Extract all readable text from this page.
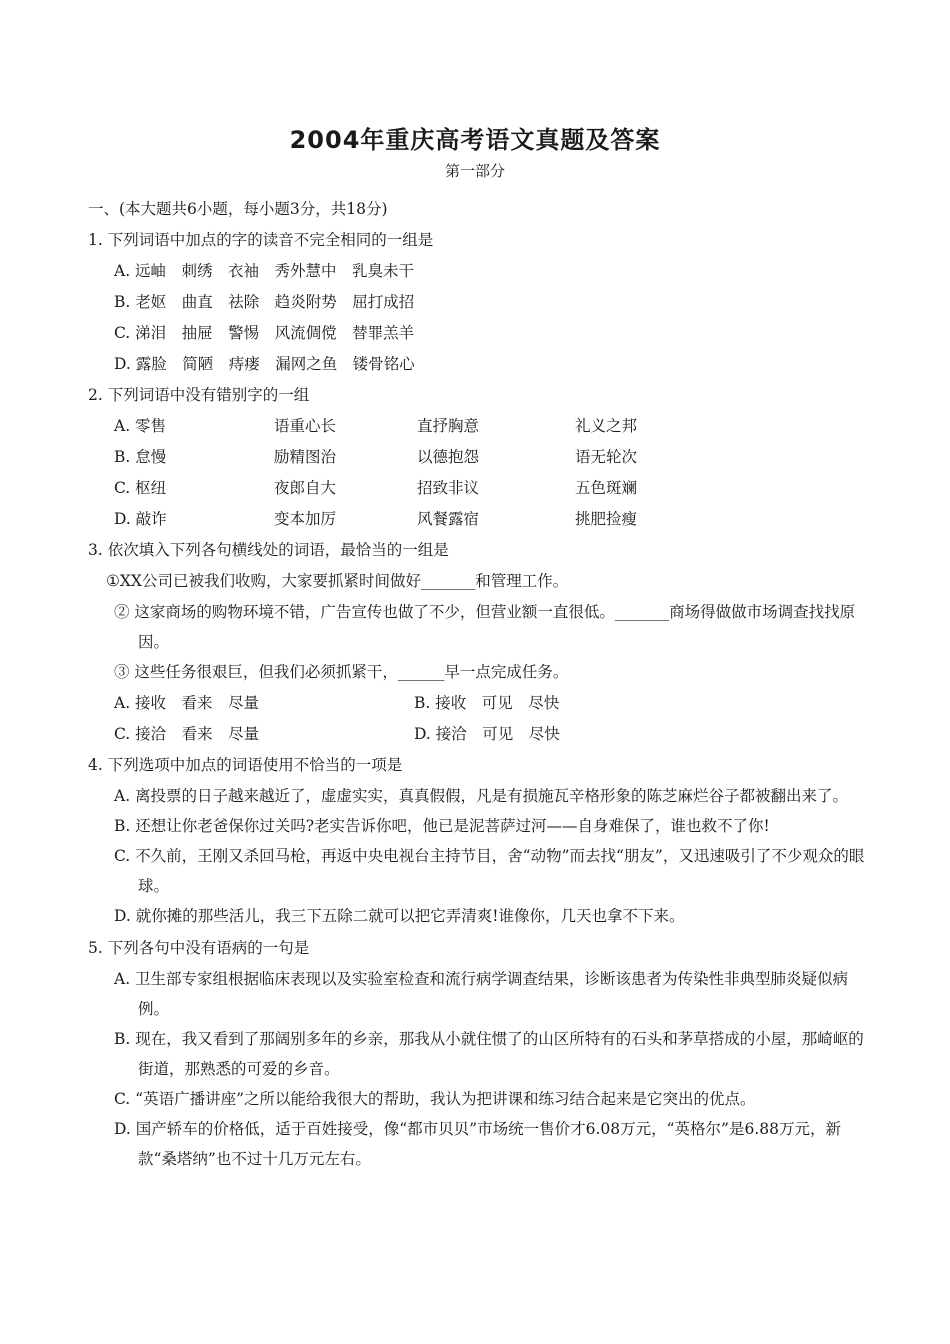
2004年重庆高考语文真题及答案
第一部分
一、(本大题共6小题，每小题3分，共18分)
1. 下列词语中加点的字的读音不完全相同的一组是
A. 远岫　刺绣　衣袖　秀外慧中　乳臭未干
B. 老妪　曲直　祛除　趋炎附势　屈打成招
C. 涕泪　抽屉　警惕　风流倜傥　替罪羔羊
D. 露脸　简陋　痔瘘　漏网之鱼　镂骨铭心
2. 下列词语中没有错别字的一组
A. 零售	语重心长	直抒胸意	礼义之邦
B. 怠慢	励精图治	以德抱怨	语无轮次
C. 枢纽	夜郎自大	招致非议	五色斑斓
D. 敲诈	变本加厉	风餐露宿	挑肥捡瘦
3. 依次填入下列各句横线处的词语，最恰当的一组是
①XX公司已被我们收购，大家要抓紧时间做好_______和管理工作。
② 这家商场的购物环境不错，广告宣传也做了不少，但营业额一直很低。_______商场得做做市场调查找找原因。
③ 这些任务很艰巨，但我们必须抓紧干，______早一点完成任务。
A. 接收　看来　尽量	B. 接收　可见　尽快
C. 接洽　看来　尽量	D. 接洽　可见　尽快
4. 下列选项中加点的词语使用不恰当的一项是
A. 离投票的日子越来越近了，虚虚实实，真真假假，凡是有损施瓦辛格形象的陈芝麻烂谷子都被翻出来了。
B. 还想让你老爸保你过关吗?老实告诉你吧，他已是泥菩萨过河——自身难保了，谁也救不了你!
C. 不久前，王刚又杀回马枪，再返中央电视台主持节目，舍“动物”而去找“朋友”，又迅速吸引了不少观众的眼球。
D. 就你摊的那些活儿，我三下五除二就可以把它弄清爽!谁像你，几天也拿不下来。
5. 下列各句中没有语病的一句是
A. 卫生部专家组根据临床表现以及实验室检查和流行病学调查结果，诊断该患者为传染性非典型肺炎疑似病例。
B. 现在，我又看到了那阔别多年的乡亲，那我从小就住惯了的山区所特有的石头和茅草搭成的小屋，那崎岖的街道，那熟悉的可爱的乡音。
C. “英语广播讲座”之所以能给我很大的帮助，我认为把讲课和练习结合起来是它突出的优点。
D. 国产轿车的价格低，适于百姓接受，像“都市贝贝”市场统一售价才6.08万元，“英格尔”是6.88万元，新款“桑塔纳”也不过十几万元左右。
